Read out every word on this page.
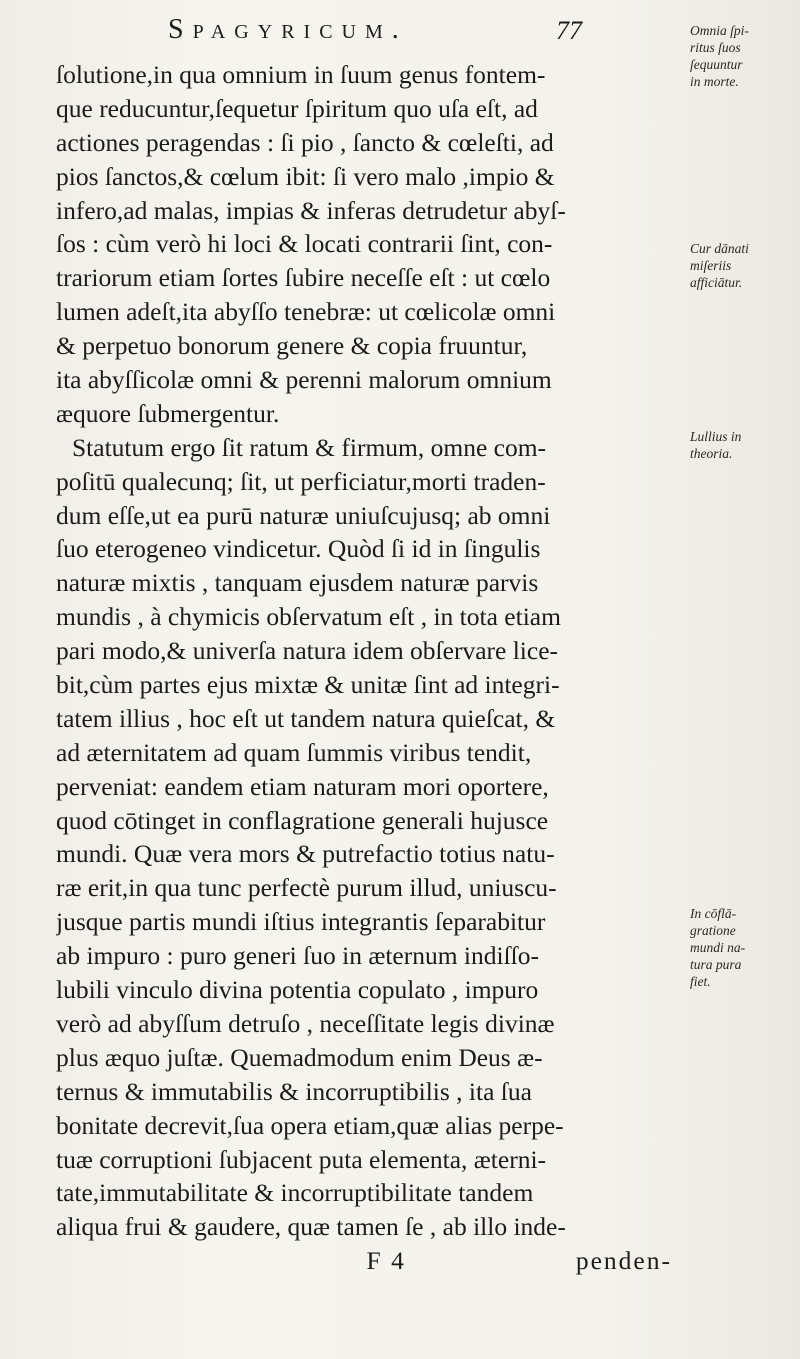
Spagyricum.	77
ſolutione,in qua omnium in ſuum genus fontem-
que reducuntur,ſequetur ſpiritum quo uſa eſt, ad
actiones peragendas : ſi pio , ſancto & cœleſti, ad
pios ſanctos,& cœlum ibit: ſi vero malo ,impio &
infero,ad malas, impias & inferas detrudetur abyſ-
ſos : cùm verò hi loci & locati contrarii ſint, con-
trariorum etiam ſortes ſubire neceſſe eſt : ut cœlo
lumen adeſt,ita abyſſo tenebræ: ut cœlicolæ omni
& perpetuo bonorum genere & copia fruuntur,
ita abyſſicolæ omni & perenni malorum omnium
æquore ſubmergentur.
Statutum ergo ſit ratum & firmum, omne com-
poſitū qualecunq; ſit, ut perficiatur,morti traden-
dum eſſe,ut ea purū naturæ uniuſcujusq; ab omni
ſuo eterogeneo vindicetur. Quòd ſi id in ſingulis
naturæ mixtis , tanquam ejusdem naturæ parvis
mundis , à chymicis obſervatum eſt , in tota etiam
pari modo,& univerſa natura idem obſervare lice-
bit,cùm partes ejus mixtæ & unitæ ſint ad integri-
tatem illius , hoc eſt ut tandem natura quieſcat, &
ad æternitatem ad quam ſummis viribus tendit,
perveniat: eandem etiam naturam mori oportere,
quod cōtinget in conflagratione generali hujusce
mundi. Quæ vera mors & putrefactio totius natu-
ræ erit,in qua tunc perfectè purum illud, uniuscu-
jusque partis mundi iſtius integrantis ſeparabitur
ab impuro : puro generi ſuo in æternum indiſſo-
lubili vinculo divina potentia copulato , impuro
verò ad abyſſum detruſo , neceſſitate legis divinæ
plus æquo juſtæ. Quemadmodum enim Deus æ-
ternus & immutabilis & incorruptibilis , ita ſua
bonitate decrevit,ſua opera etiam,quæ alias perpe-
tuæ corruptioni ſubjacent puta elementa, æterni-
tate,immutabilitate & incorruptibilitate tandem
aliqua frui & gaudere, quæ tamen ſe , ab illo inde-
F 4	penden-
Omnia ſpi-
ritus ſuos
ſequuntur
in morte.
Cur dānati
miſeriis
afficiātur.
Lullius in
theoria.
In cōflā-
gratione
mundi na-
tura pura
fiet.
